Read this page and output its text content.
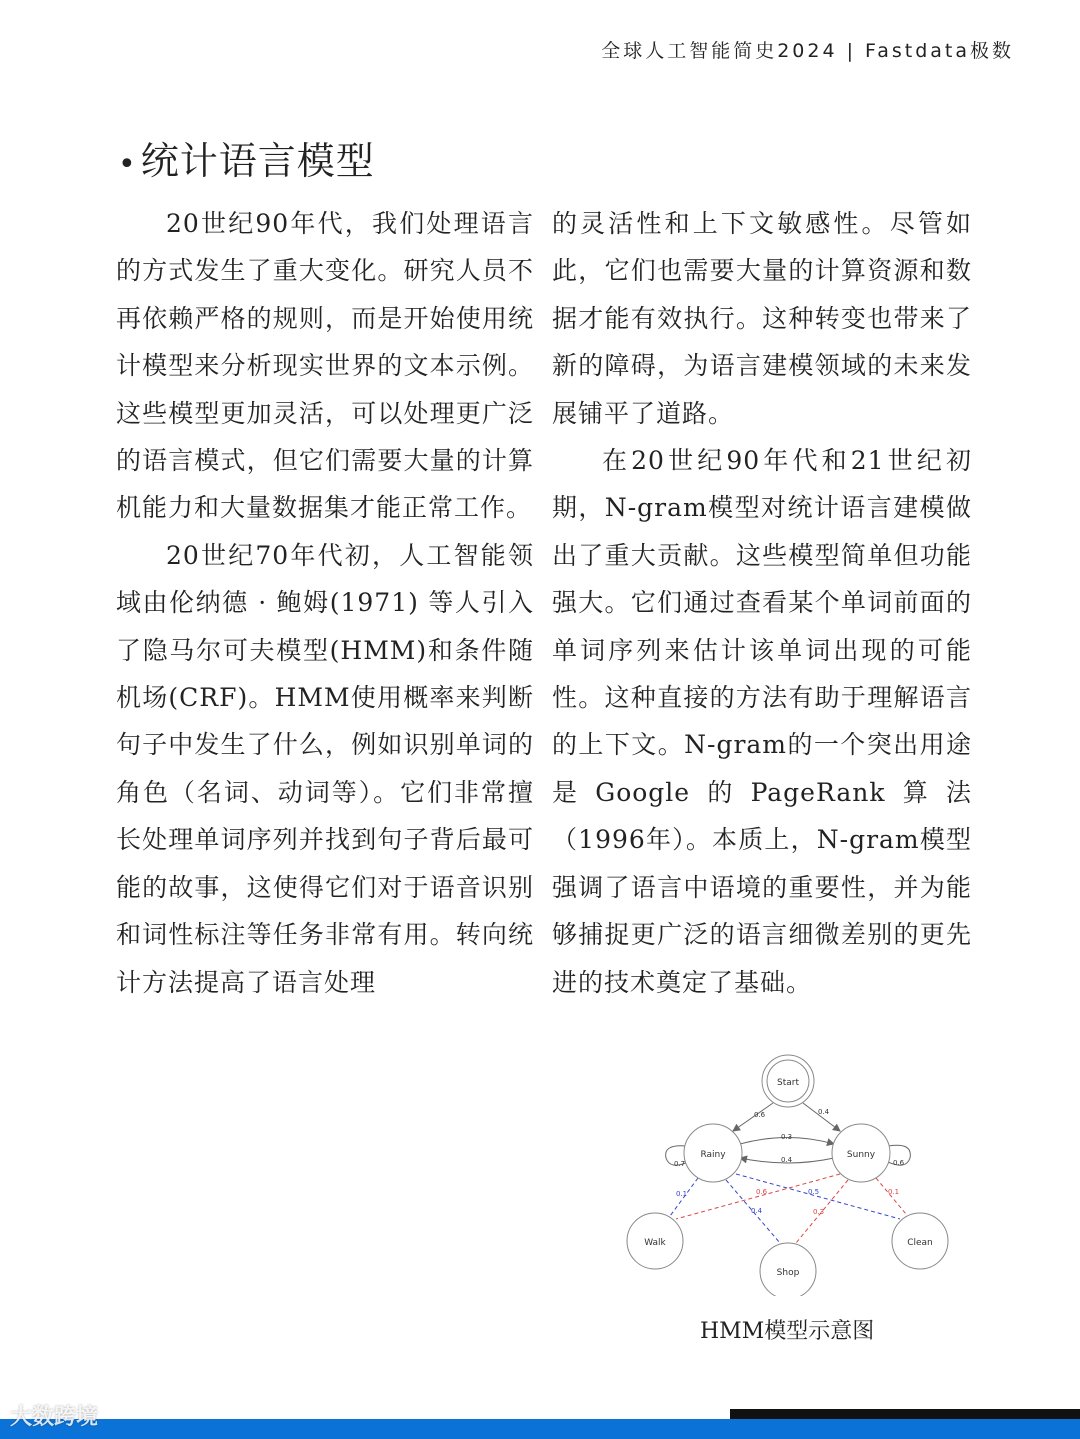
全球人工智能简史2024 | Fastdata极数
• 统计语言模型

20世纪90年代，我们处理语言的方式发生了重大变化。研究人员不再依赖严格的规则，而是开始使用统计模型来分析现实世界的文本示例。这些模型更加灵活，可以处理更广泛的语言模式，但它们需要大量的计算机能力和大量数据集才能正常工作。

20世纪70年代初，人工智能领域由伦纳德 · 鲍姆(1971) 等人引入了隐马尔可夫模型(HMM)和条件随机场(CRF)。HMM使用概率来判断句子中发生了什么，例如识别单词的角色（名词、动词等）。它们非常擅长处理单词序列并找到句子背后最可能的故事，这使得它们对于语音识别和词性标注等任务非常有用。转向统计方法提高了语言处理

的灵活性和上下文敏感性。尽管如此，它们也需要大量的计算资源和数据才能有效执行。这种转变也带来了新的障碍，为语言建模领域的未来发展铺平了道路。

在20世纪90年代和21世纪初期，N-gram模型对统计语言建模做出了重大贡献。这些模型简单但功能强大。它们通过查看某个单词前面的单词序列来估计该单词出现的可能性。这种直接的方法有助于理解语言的上下文。N-gram的一个突出用途是Google的PageRank算法（1996年）。本质上，N-gram模型强调了语言中语境的重要性，并为能够捕捉更广泛的语言细微差别的更先进的技术奠定了基础。

Start
Rainy	Sunny
Walk
Shop
Clean
0.6	0.4
0.3
0.4
0.7	0.6
0.1
0.4
0.5
0.6
0.3
0.1
HMM模型示意图
大数跨境
